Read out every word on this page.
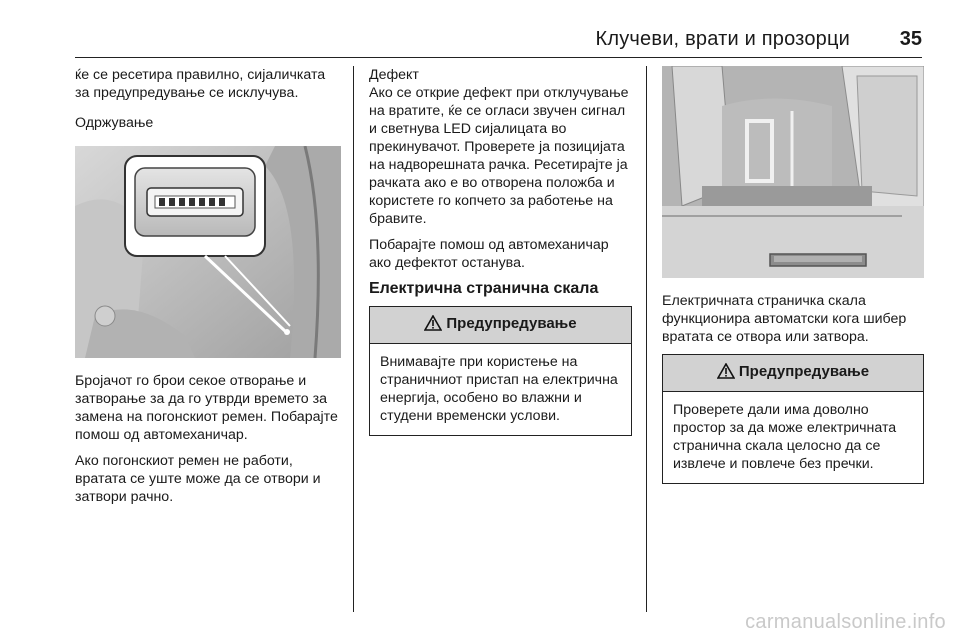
Клучеви, врати и прозорци 35

ќе се ресетира правилно, сијаличката за предупредување се исклучува.

Одржување

Бројачот го брои секое отворање и затворање за да го утврди времето за замена на погонскиот ремен. Побарајте помош од автомеханичар.

Ако погонскиот ремен не работи, вратата се уште може да се отвори и затвори рачно.

Дефект

Ако се открие дефект при отклучување на вратите, ќе се огласи звучен сигнал и светнува LED сијалицата во прекинувачот. Проверете ја позицијата на надворешната рачка. Ресетирајте ја рачката ако е во отворена положба и користете го копчето за работење на бравите.

Побарајте помош од автомеханичар ако дефектот останува.

Електрична странична скала

Предупредување
Внимавајте при користење на страничниот пристап на електрична енергија, особено во влажни и студени временски услови.

Електричната страничка скала функционира автоматски кога шибер вратата се отвора или затвора.

Предупредување
Проверете дали има доволно простор за да може електричната странична скала целосно да се извлече и повлече без пречки.
carmanualsonline.info
